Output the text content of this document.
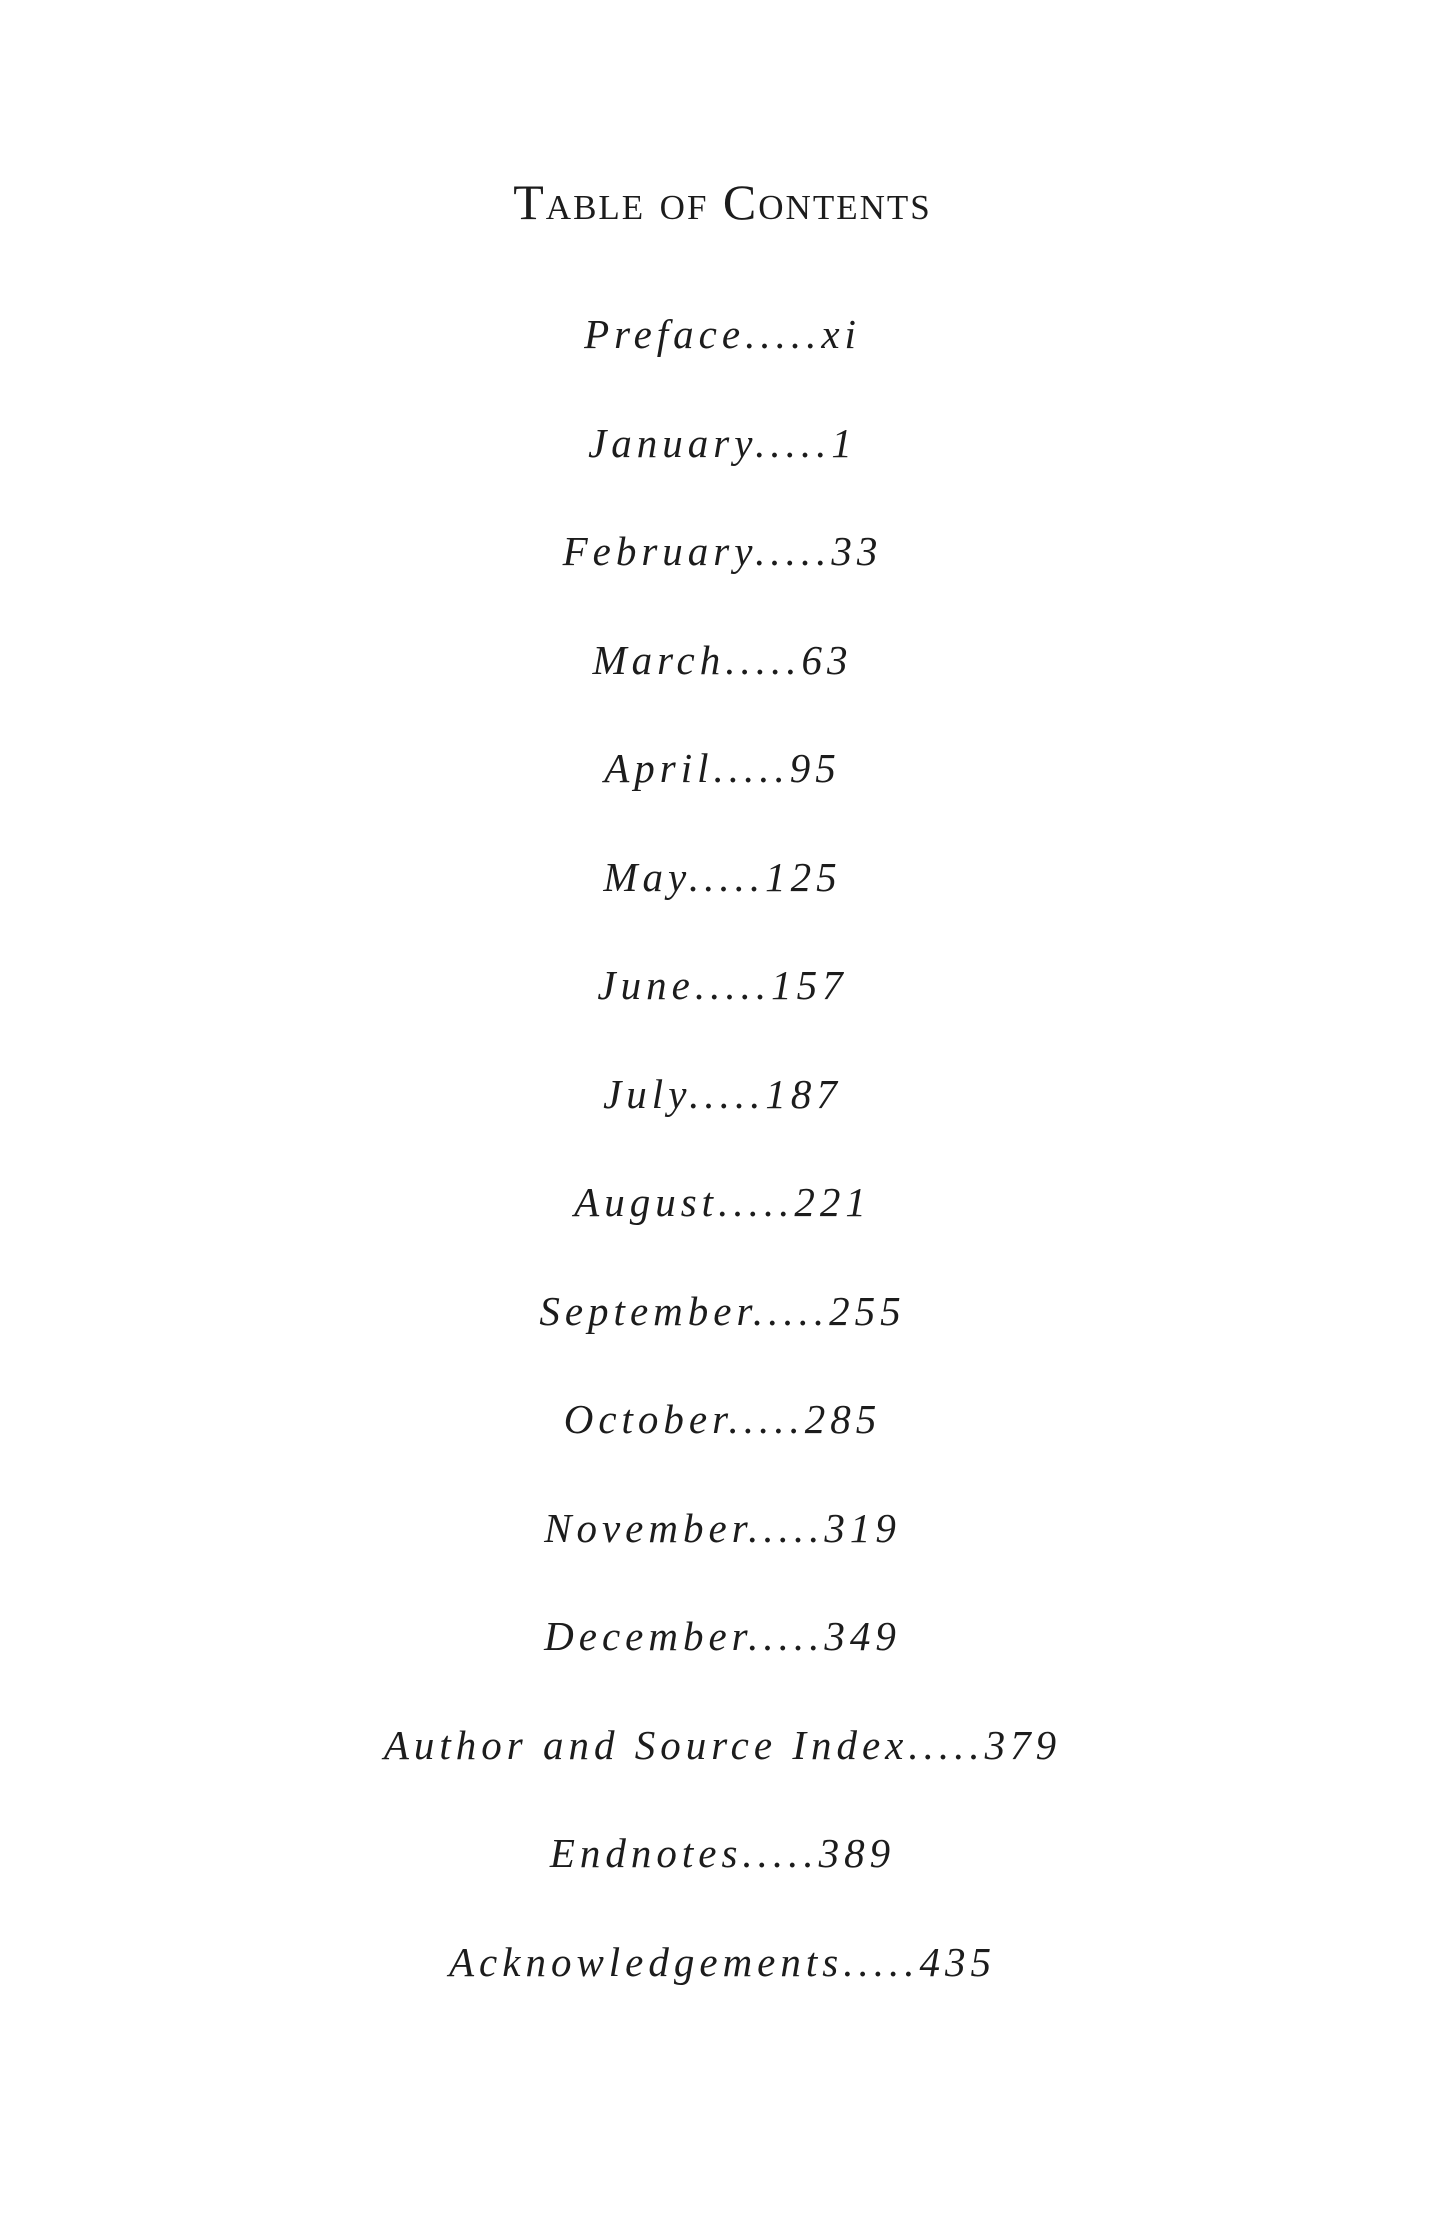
Table of Contents
Preface.....xi
January.....1
February.....33
March.....63
April.....95
May.....125
June.....157
July.....187
August.....221
September.....255
October.....285
November.....319
December.....349
Author and Source Index.....379
Endnotes.....389
Acknowledgements.....435
